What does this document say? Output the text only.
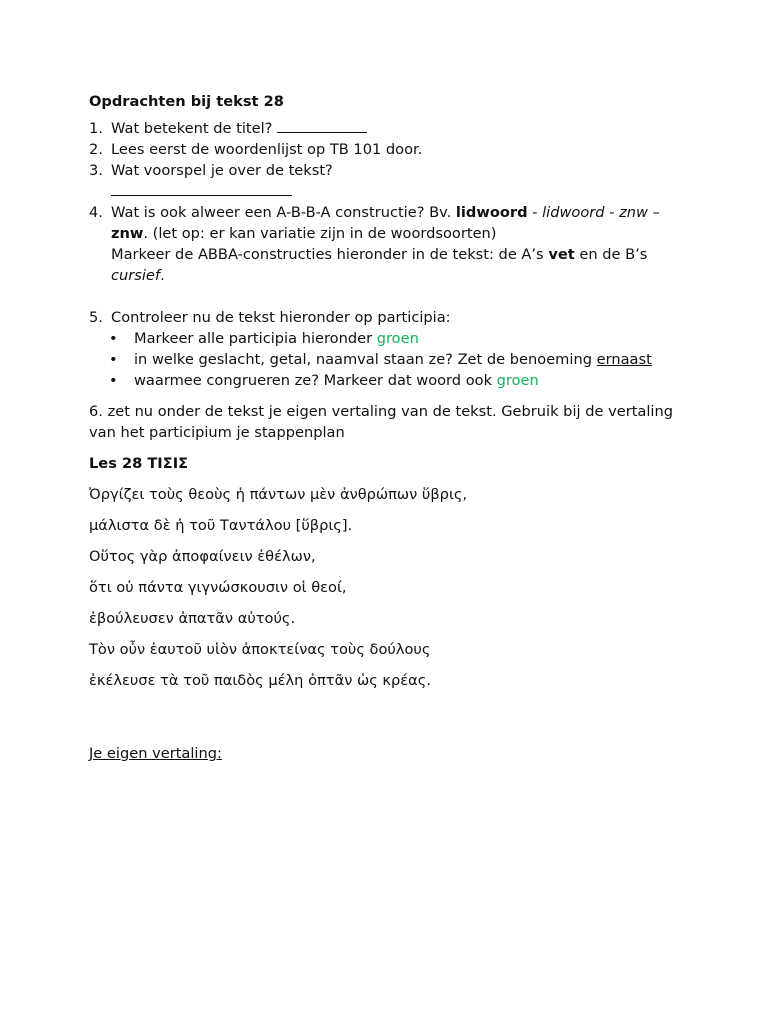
Opdrachten bij tekst 28
1. Wat betekent de titel?
2. Lees eerst de woordenlijst op TB 101 door.
3. Wat voorspel je over de tekst?

4. Wat is ook alweer een A-B-B-A constructie? Bv. lidwoord - lidwoord - znw – znw. (let op: er kan variatie zijn in de woordsoorten)
Markeer de ABBA-constructies hieronder in de tekst: de A’s vet en de B’s cursief.
5. Controleer nu de tekst hieronder op participia:
• Markeer alle participia hieronder groen
• in welke geslacht, getal, naamval staan ze? Zet de benoeming ernaast
• waarmee congrueren ze? Markeer dat woord ook groen
6. zet nu onder de tekst je eigen vertaling van de tekst. Gebruik bij de vertaling van het participium je stappenplan
Les 28 ΤΙΣΙΣ

Ὀργίζει τοὺς θεοὺς ἡ πάντων μὲν ἀνθρώπων ὕβρις,

μάλιστα δὲ ἡ τοῦ Ταντάλου [ὕβρις].

Οὕτος γὰρ ἀποφαίνειν ἐθέλων,

ὅτι οὐ πάντα γιγνώσκουσιν οἱ θεοί,

ἐβούλευσεν ἀπατᾶν αὐτούς.

Τὸν οὖν ἑαυτοῦ υἱὸν ἀποκτείνας τοὺς δούλους

ἐκέλευσε τὰ τοῦ παιδὸς μέλη ὀπτᾶν ὡς κρέας.

Je eigen vertaling:
